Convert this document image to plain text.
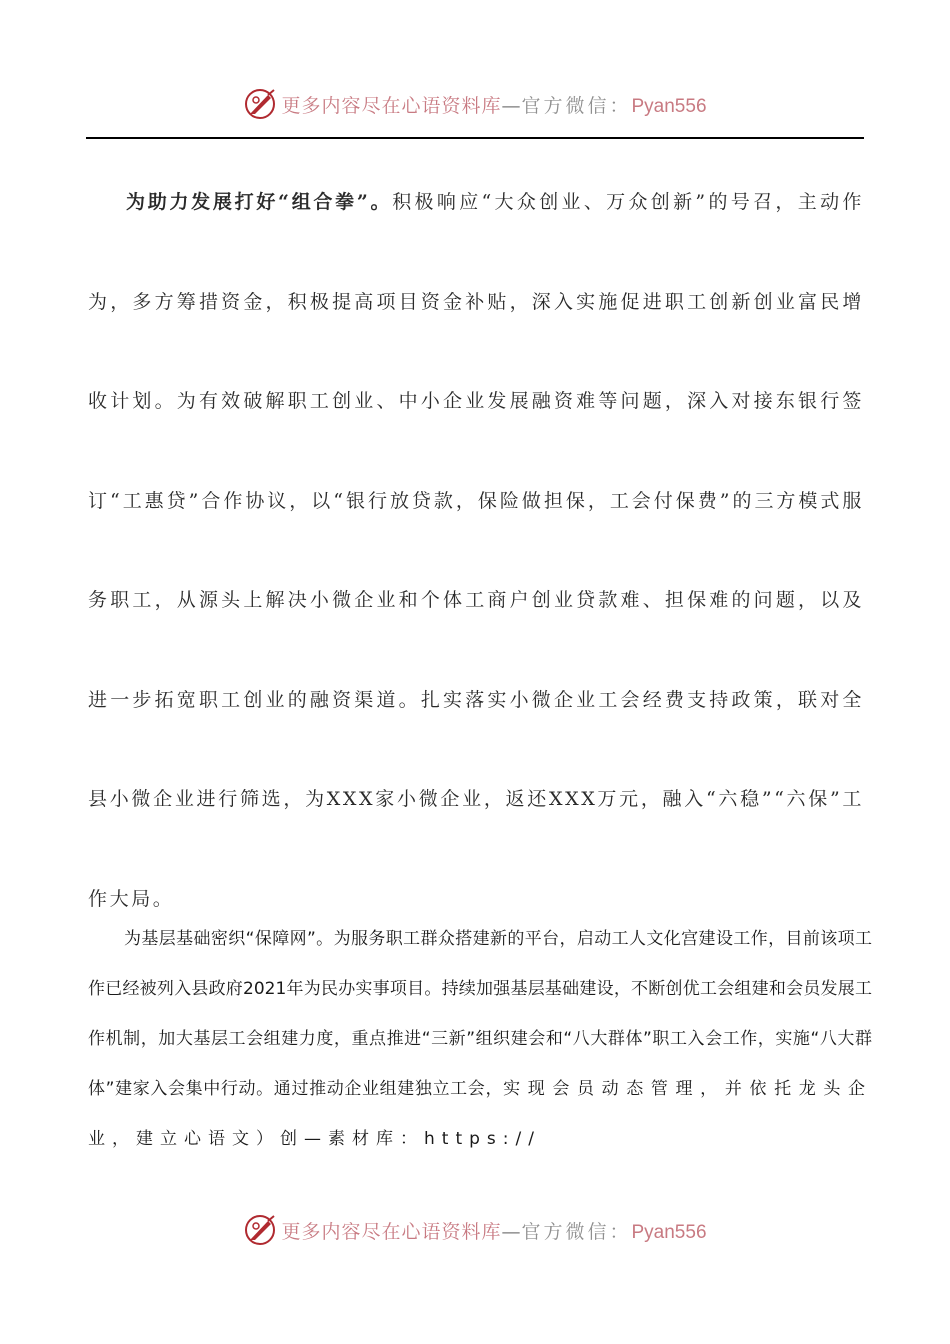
更多内容尽在心语资料库—官方微信：Pyan556

为助力发展打好“组合拳”。积极响应“大众创业、万众创新”的号召，主动作为，多方筹措资金，积极提高项目资金补贴，深入实施促进职工创新创业富民增收计划。为有效破解职工创业、中小企业发展融资难等问题，深入对接东银行签订“工惠贷”合作协议，以“银行放贷款，保险做担保，工会付保费”的三方模式服务职工，从源头上解决小微企业和个体工商户创业贷款难、担保难的问题，以及进一步拓宽职工创业的融资渠道。扎实落实小微企业工会经费支持政策，联对全县小微企业进行筛选，为XXX家小微企业，返还XXX万元，融入“六稳”“六保”工作大局。

为基层基础密织“保障网”。为服务职工群众搭建新的平台，启动工人文化宫建设工作，目前该项工作已经被列入县政府2021年为民办实事项目。持续加强基层基础建设，不断创优工会组建和会员发展工作机制，加大基层工会组建力度，重点推进“三新”组织建会和“八大群体”职工入会工作，实施“八大群体”建家入会集中行动。通过推动企业组建独立工会，实现会员动态管理，并依托龙头企业，建立心语文）创—素材库：https://

更多内容尽在心语资料库—官方微信：Pyan556
